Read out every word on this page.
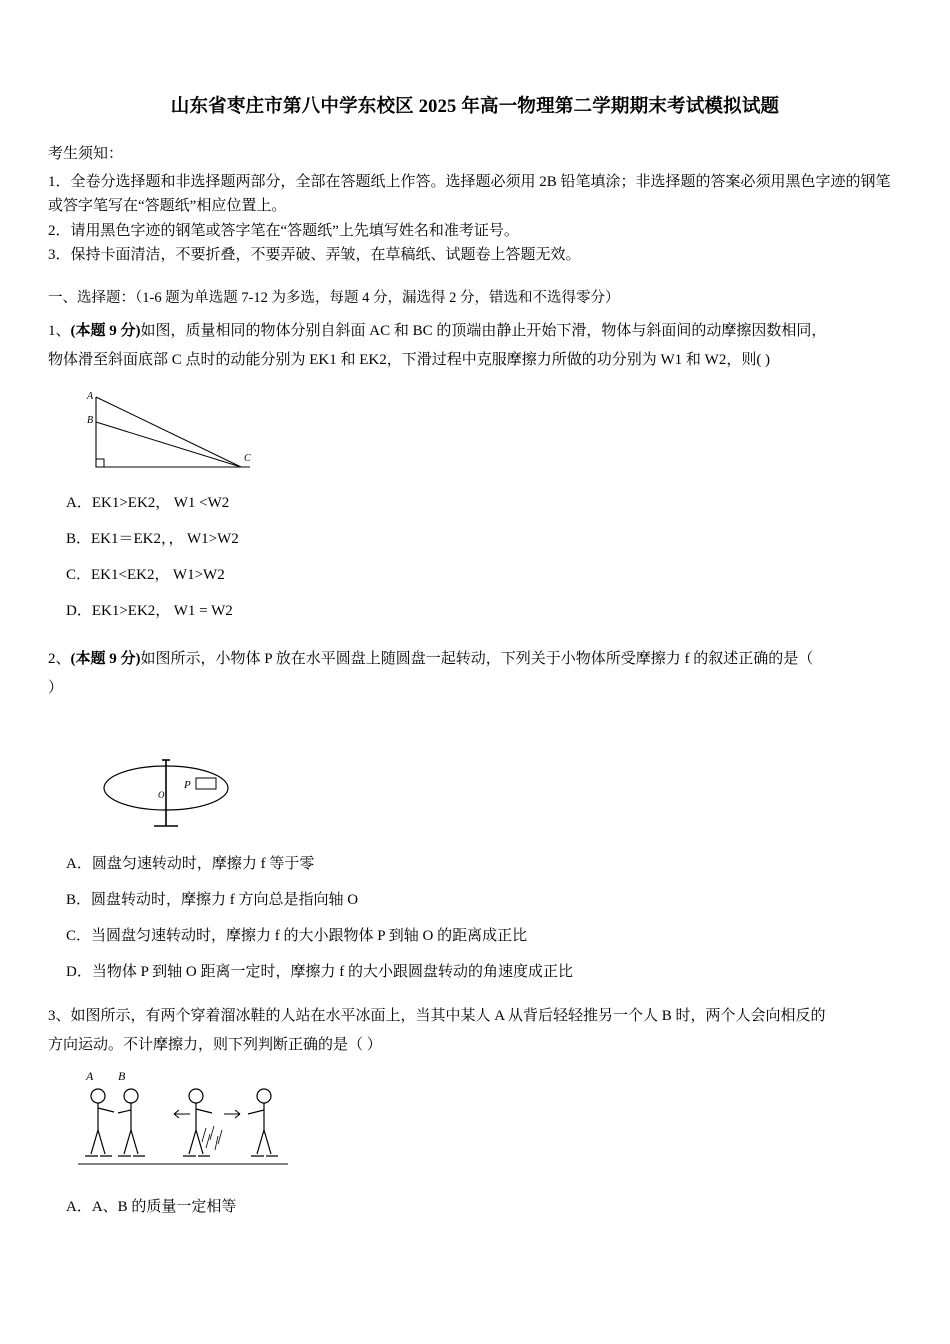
山东省枣庄市第八中学东校区 2025 年高一物理第二学期期末考试模拟试题
考生须知：

1．全卷分选择题和非选择题两部分，全部在答题纸上作答。选择题必须用 2B 铅笔填涂；非选择题的答案必须用黑色字迹的钢笔或答字笔写在“答题纸”相应位置上。

2．请用黑色字迹的钢笔或答字笔在“答题纸”上先填写姓名和准考证号。

3．保持卡面清洁，不要折叠，不要弄破、弄皱，在草稿纸、试题卷上答题无效。

一、选择题：（1-6 题为单选题 7-12 为多选，每题 4 分，漏选得 2 分，错选和不选得零分）

1、(本题 9 分)如图，质量相同的物体分别自斜面 AC 和 BC 的顶端由静止开始下滑，物体与斜面间的动摩擦因数相同，

物体滑至斜面底部 C 点时的动能分别为 EK1 和 EK2，下滑过程中克服摩擦力所做的功分别为 W1 和 W2，则( )

A
B
C

A．EK1>EK2， W1 <W2

B．EK1＝EK2，， W1>W2

C．EK1<EK2， W1>W2

D．EK1>EK2， W1 = W2

2、(本题 9 分)如图所示，小物体 P 放在水平圆盘上随圆盘一起转动，下列关于小物体所受摩擦力 f 的叙述正确的是（

）

P
O

A．圆盘匀速转动时，摩擦力 f 等于零

B．圆盘转动时，摩擦力 f 方向总是指向轴 O

C．当圆盘匀速转动时，摩擦力 f 的大小跟物体 P 到轴 O 的距离成正比

D．当物体 P 到轴 O 距离一定时，摩擦力 f 的大小跟圆盘转动的角速度成正比

3、如图所示，有两个穿着溜冰鞋的人站在水平冰面上，当其中某人 A 从背后轻轻推另一个人 B 时，两个人会向相反的

方向运动。不计摩擦力，则下列判断正确的是（ ）

A B

A．A、B 的质量一定相等
